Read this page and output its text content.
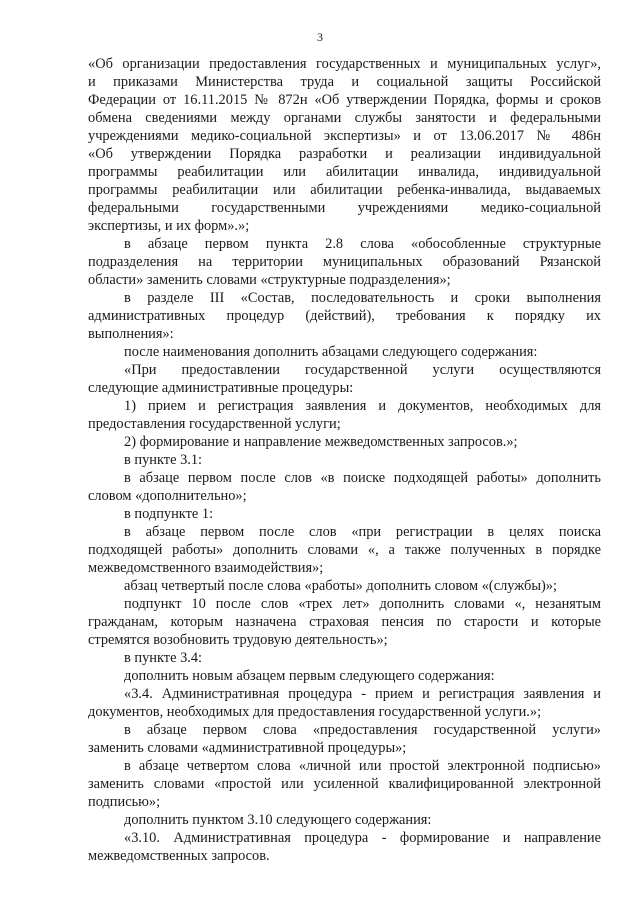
3
«Об организации предоставления государственных и муниципальных услуг»,
и приказами Министерства труда и социальной защиты Российской
Федерации от 16.11.2015 № 872н «Об утверждении Порядка, формы и сроков
обмена сведениями между органами службы занятости и федеральными
учреждениями медико-социальной экспертизы» и от 13.06.2017 № 486н
«Об утверждении Порядка разработки и реализации индивидуальной
программы реабилитации или абилитации инвалида, индивидуальной
программы реабилитации или абилитации ребенка-инвалида, выдаваемых
федеральными государственными учреждениями медико-социальной
экспертизы, и их форм».»;
в абзаце первом пункта 2.8 слова «обособленные структурные
подразделения на территории муниципальных образований Рязанской
области» заменить словами «структурные подразделения»;
в разделе III «Состав, последовательность и сроки выполнения
административных процедур (действий), требования к порядку их
выполнения»:
после наименования дополнить абзацами следующего содержания:
«При предоставлении государственной услуги осуществляются
следующие административные процедуры:
1) прием и регистрация заявления и документов, необходимых для
предоставления государственной услуги;
2) формирование и направление межведомственных запросов.»;
в пункте 3.1:
в абзаце первом после слов «в поиске подходящей работы» дополнить
словом «дополнительно»;
в подпункте 1:
в абзаце первом после слов «при регистрации в целях поиска
подходящей работы» дополнить словами «, а также полученных в порядке
межведомственного взаимодействия»;
абзац четвертый после слова «работы» дополнить словом «(службы)»;
подпункт 10 после слов «трех лет» дополнить словами «, незанятым
гражданам, которым назначена страховая пенсия по старости и которые
стремятся возобновить трудовую деятельность»;
в пункте 3.4:
дополнить новым абзацем первым следующего содержания:
«3.4. Административная процедура - прием и регистрация заявления и
документов, необходимых для предоставления государственной услуги.»;
в абзаце первом слова «предоставления государственной услуги»
заменить словами «административной процедуры»;
в абзаце четвертом слова «личной или простой электронной подписью»
заменить словами «простой или усиленной квалифицированной электронной
подписью»;
дополнить пунктом 3.10 следующего содержания:
«3.10. Административная процедура - формирование и направление
межведомственных запросов.
